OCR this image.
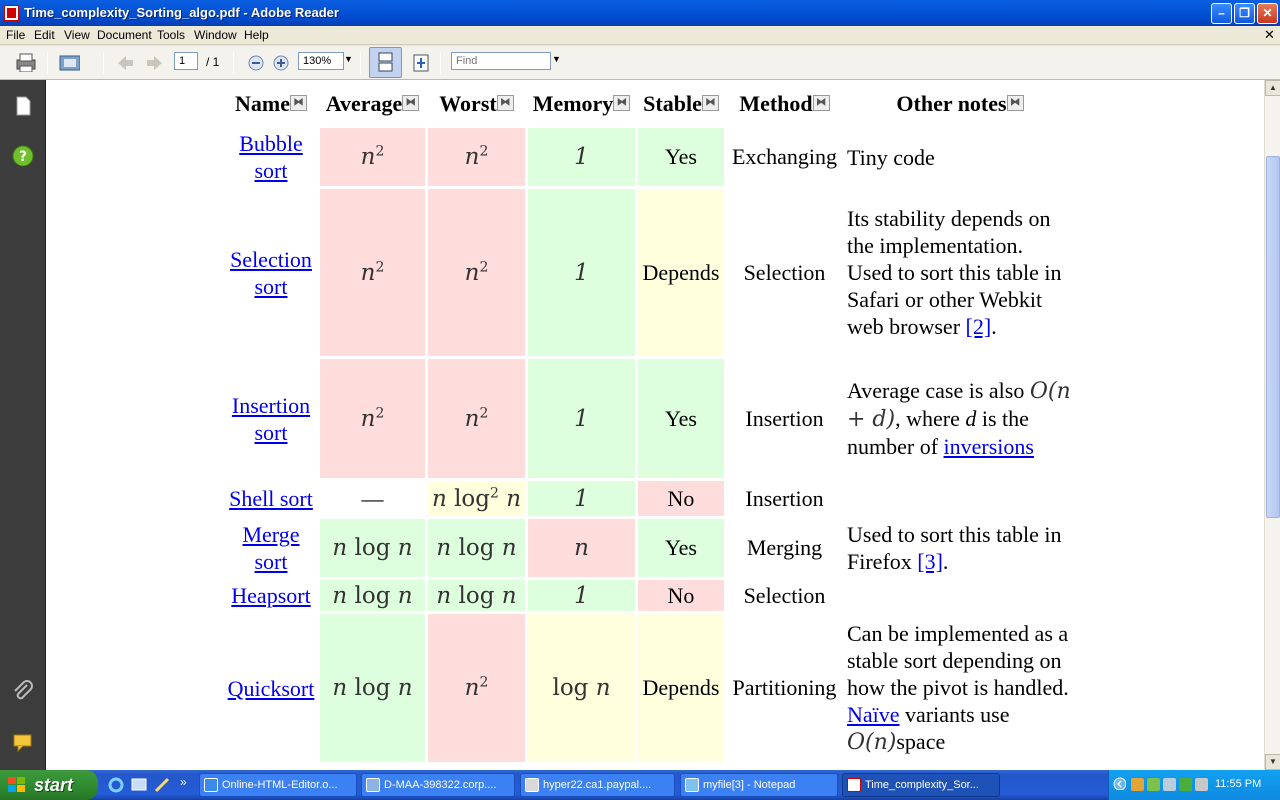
Time_complexity_Sorting_algo.pdf - Adobe Reader	–	❐	✕
File Edit View Document Tools Window Help	✕
1
/ 1
130%	▼
Find	▼
?
Name ⧓	Average ⧓	Worst ⧓	Memory ⧓	Stable ⧓	Method ⧓	Other notes ⧓
Bubble sort	$n^2$	$n^2$	1	Yes	Exchanging	Tiny code
Selection sort	$n^2$	$n^2$	1	Depends	Selection	Its stability depends on the implementation. Used to sort this table in Safari or other Webkit web browser [2].
Insertion sort	$n^2$	$n^2$	1	Yes	Insertion	Average case is also O(n + d), where d is the number of inversions
Shell sort	—	n $\log^2 n$	1	No	Insertion	
Merge sort	n log n	n log n	n	Yes	Merging	Used to sort this table in Firefox [3].
Heapsort	n log n	n log n	1	No	Selection	
Quicksort	n log n	$n^2$	log n	Depends	Partitioning	Can be implemented as a stable sort depending on how the pivot is handled. Naïve variants use O(n)space
▲
▼
start	»	Online-HTML-Editor.o...	D-MAA-398322.corp....	hyper22.ca1.paypal....	myfile[3] - Notepad	Time_complexity_Sor...	11:55 PM
